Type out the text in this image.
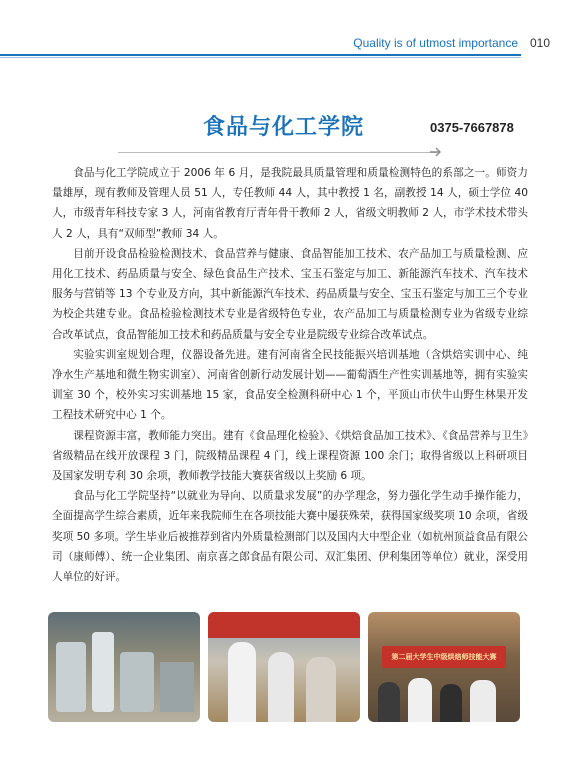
Quality is of utmost importance 010
食品与化工学院	0375-7667878

食品与化工学院成立于 2006 年 6 月，是我院最具质量管理和质量检测特色的系部之一。师资力量雄厚，现有教师及管理人员 51 人，专任教师 44 人，其中教授 1 名，副教授 14 人，硕士学位 40 人，市级青年科技专家 3 人，河南省教育厅青年骨干教师 2 人，省级文明教师 2 人，市学术技术带头人 2 人，具有“双师型”教师 34 人。

目前开设食品检验检测技术、食品营养与健康、食品智能加工技术、农产品加工与质量检测、应用化工技术、药品质量与安全、绿色食品生产技术、宝玉石鉴定与加工、新能源汽车技术、汽车技术服务与营销等 13 个专业及方向，其中新能源汽车技术、药品质量与安全、宝玉石鉴定与加工三个专业为校企共建专业。食品检验检测技术专业是省级特色专业，农产品加工与质量检测专业为省级专业综合改革试点，食品智能加工技术和药品质量与安全专业是院级专业综合改革试点。

实验实训室规划合理，仪器设备先进。建有河南省全民技能振兴培训基地（含烘焙实训中心、纯净水生产基地和微生物实训室）、河南省创新行动发展计划——葡萄酒生产性实训基地等，拥有实验实训室 30 个，校外实习实训基地 15 家，食品安全检测科研中心 1 个，平顶山市伏牛山野生林果开发工程技术研究中心 1 个。

课程资源丰富，教师能力突出。建有《食品理化检验》、《烘焙食品加工技术》、《食品营养与卫生》省级精品在线开放课程 3 门，院级精品课程 4 门，线上课程资源 100 余门；取得省级以上科研项目及国家发明专利 30 余项，教师教学技能大赛获省级以上奖励 6 项。

食品与化工学院坚持“以就业为导向、以质量求发展”的办学理念，努力强化学生动手操作能力，全面提高学生综合素质，近年来我院师生在各项技能大赛中屡获殊荣，获得国家级奖项 10 余项，省级奖项 50 多项。学生毕业后被推荐到省内外质量检测部门以及国内大中型企业（如杭州顶益食品有限公司（康师傅）、统一企业集团、南京喜之郎食品有限公司、双汇集团、伊利集团等单位）就业，深受用人单位的好评。

第二届大学生中级烘焙师技能大赛
